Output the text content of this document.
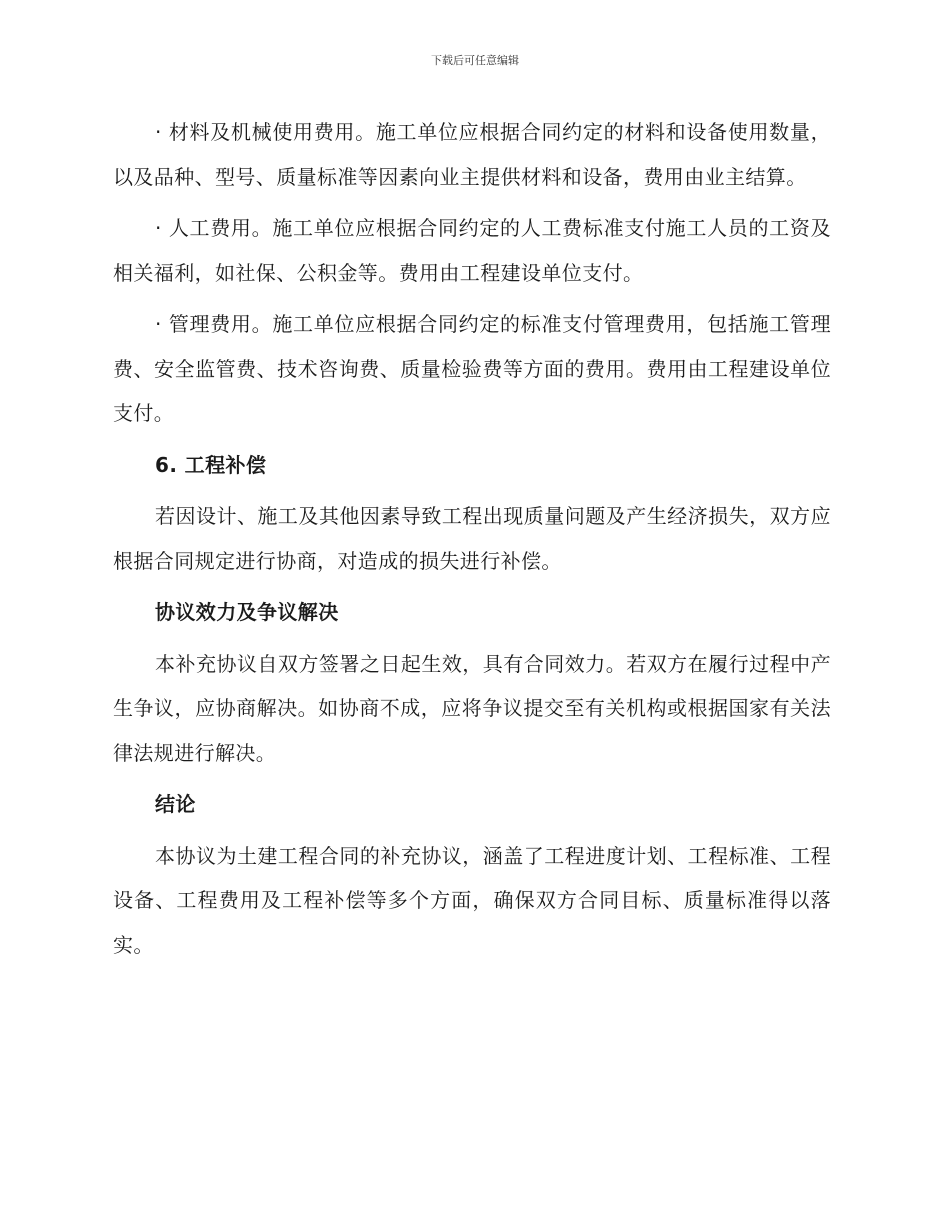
下载后可任意编辑

· 材料及机械使用费用。施工单位应根据合同约定的材料和设备使用数量，以及品种、型号、质量标准等因素向业主提供材料和设备，费用由业主结算。

· 人工费用。施工单位应根据合同约定的人工费标准支付施工人员的工资及相关福利，如社保、公积金等。费用由工程建设单位支付。

· 管理费用。施工单位应根据合同约定的标准支付管理费用，包括施工管理费、安全监管费、技术咨询费、质量检验费等方面的费用。费用由工程建设单位支付。

6. 工程补偿

若因设计、施工及其他因素导致工程出现质量问题及产生经济损失，双方应根据合同规定进行协商，对造成的损失进行补偿。

协议效力及争议解决

本补充协议自双方签署之日起生效，具有合同效力。若双方在履行过程中产生争议，应协商解决。如协商不成，应将争议提交至有关机构或根据国家有关法律法规进行解决。

结论

本协议为土建工程合同的补充协议，涵盖了工程进度计划、工程标准、工程设备、工程费用及工程补偿等多个方面，确保双方合同目标、质量标准得以落实。
